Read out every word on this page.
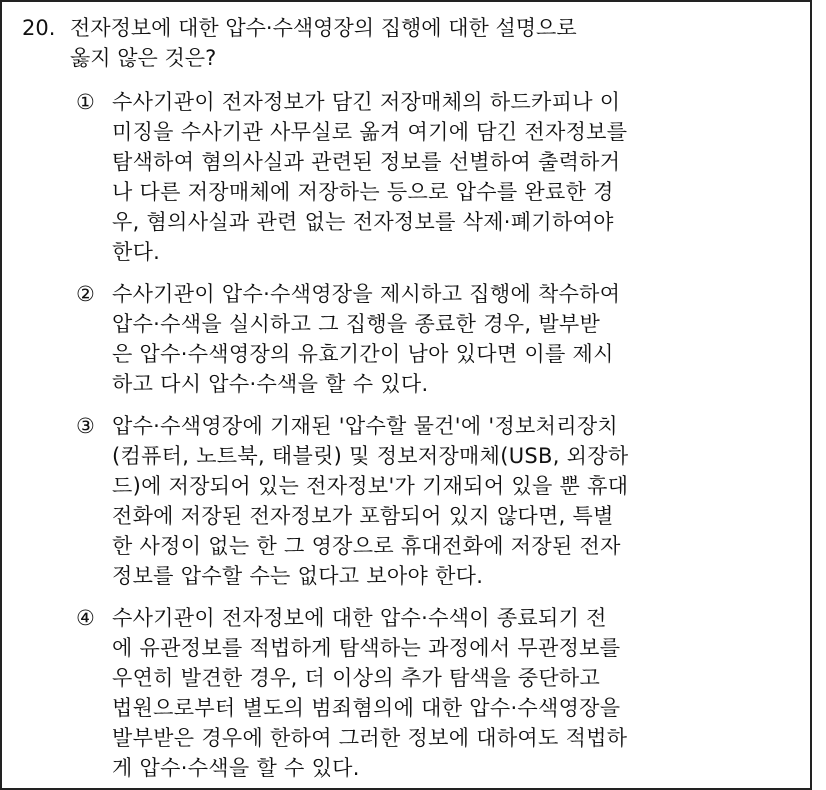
20. 전자정보에 대한 압수·수색영장의 집행에 대한 설명으로
옳지 않은 것은?
① 수사기관이 전자정보가 담긴 저장매체의 하드카피나 이
미징을 수사기관 사무실로 옮겨 여기에 담긴 전자정보를
탐색하여 혐의사실과 관련된 정보를 선별하여 출력하거
나 다른 저장매체에 저장하는 등으로 압수를 완료한 경
우, 혐의사실과 관련 없는 전자정보를 삭제·폐기하여야
한다.
② 수사기관이 압수·수색영장을 제시하고 집행에 착수하여
압수·수색을 실시하고 그 집행을 종료한 경우, 발부받
은 압수·수색영장의 유효기간이 남아 있다면 이를 제시
하고 다시 압수·수색을 할 수 있다.
③ 압수·수색영장에 기재된 '압수할 물건'에 '정보처리장치
(컴퓨터, 노트북, 태블릿) 및 정보저장매체(USB, 외장하
드)에 저장되어 있는 전자정보'가 기재되어 있을 뿐 휴대
전화에 저장된 전자정보가 포함되어 있지 않다면, 특별
한 사정이 없는 한 그 영장으로 휴대전화에 저장된 전자
정보를 압수할 수는 없다고 보아야 한다.
④ 수사기관이 전자정보에 대한 압수·수색이 종료되기 전
에 유관정보를 적법하게 탐색하는 과정에서 무관정보를
우연히 발견한 경우, 더 이상의 추가 탐색을 중단하고
법원으로부터 별도의 범죄혐의에 대한 압수·수색영장을
발부받은 경우에 한하여 그러한 정보에 대하여도 적법하
게 압수·수색을 할 수 있다.
